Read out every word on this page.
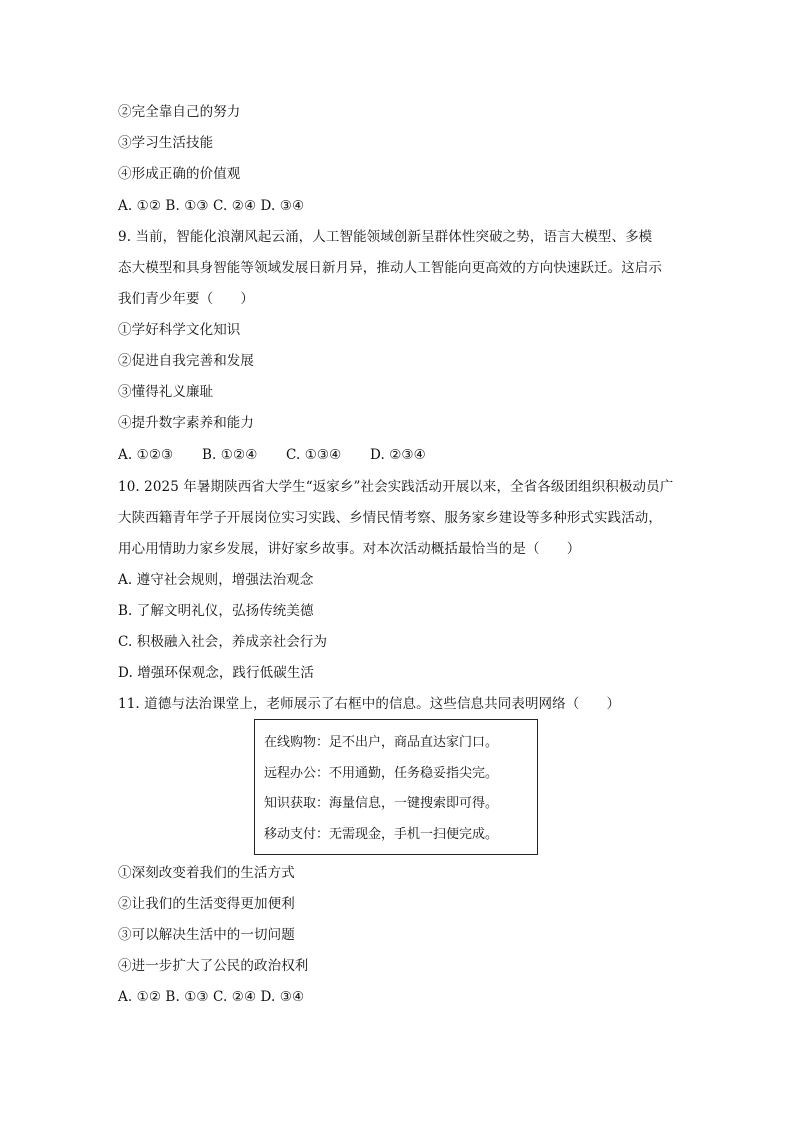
②完全靠自己的努力
③学习生活技能
④形成正确的价值观
A. ①② B. ①③ C. ②④ D. ③④
9. 当前，智能化浪潮风起云涌，人工智能领域创新呈群体性突破之势，语言大模型、多模
态大模型和具身智能等领域发展日新月异，推动人工智能向更高效的方向快速跃迁。这启示
我们青少年要（　　）
①学好科学文化知识
②促进自我完善和发展
③懂得礼义廉耻
④提升数字素养和能力
A. ①②③ B. ①②④ C. ①③④ D. ②③④
10. 2025 年暑期陕西省大学生“返家乡”社会实践活动开展以来，全省各级团组织积极动员广
大陕西籍青年学子开展岗位实习实践、乡情民情考察、服务家乡建设等多种形式实践活动，
用心用情助力家乡发展，讲好家乡故事。对本次活动概括最恰当的是（　　）
A. 遵守社会规则，增强法治观念
B. 了解文明礼仪，弘扬传统美德
C. 积极融入社会，养成亲社会行为
D. 增强环保观念，践行低碳生活
11. 道德与法治课堂上，老师展示了右框中的信息。这些信息共同表明网络（　　）
在线购物：足不出户，商品直达家门口。
远程办公：不用通勤，任务稳妥指尖完。
知识获取：海量信息，一键搜索即可得。
移动支付：无需现金，手机一扫便完成。
①深刻改变着我们的生活方式
②让我们的生活变得更加便利
③可以解决生活中的一切问题
④进一步扩大了公民的政治权利
A. ①② B. ①③ C. ②④ D. ③④
